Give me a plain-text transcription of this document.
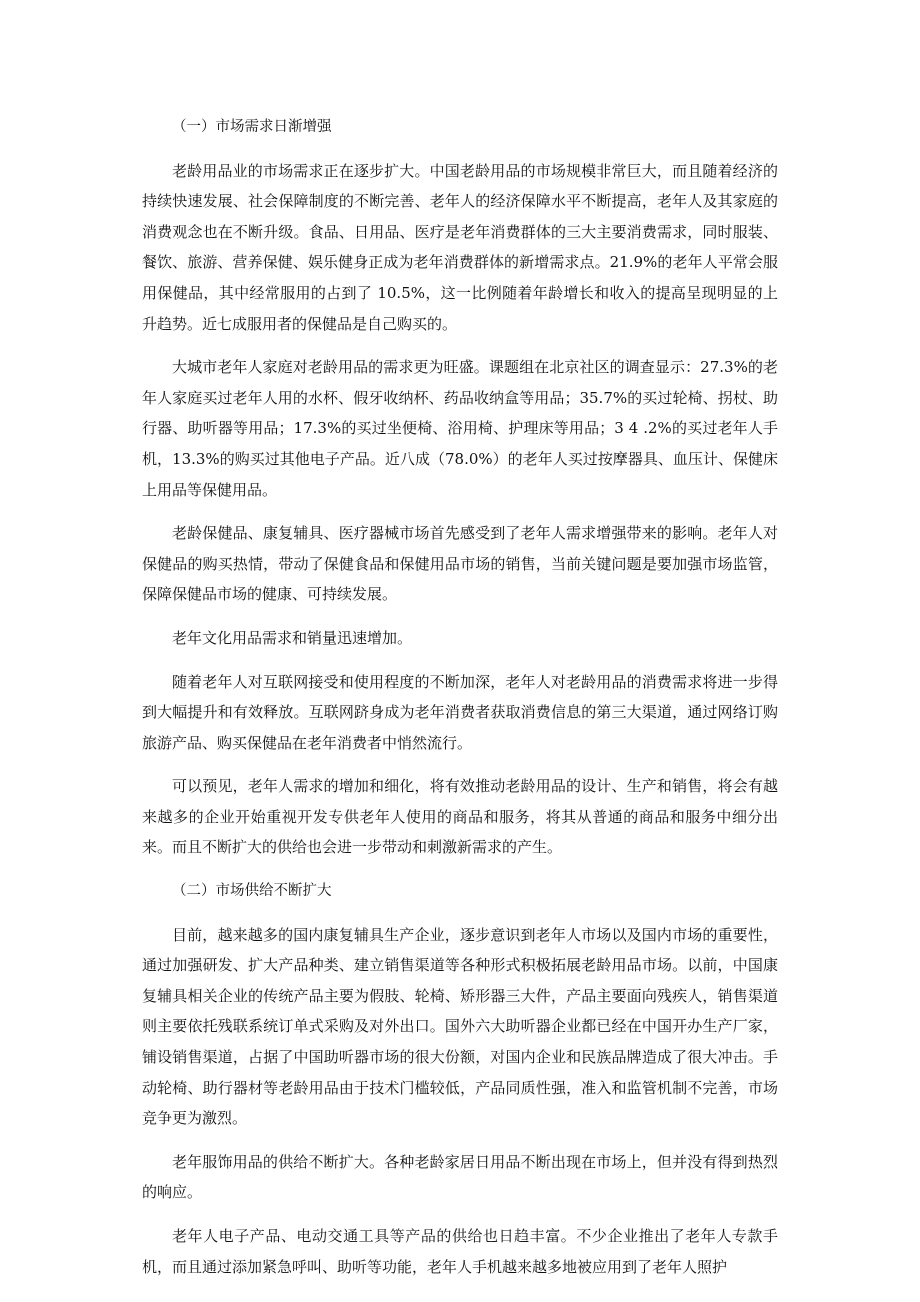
（一）市场需求日渐增强

老龄用品业的市场需求正在逐步扩大。中国老龄用品的市场规模非常巨大，而且随着经济的持续快速发展、社会保障制度的不断完善、老年人的经济保障水平不断提高，老年人及其家庭的消费观念也在不断升级。食品、日用品、医疗是老年消费群体的三大主要消费需求，同时服装、餐饮、旅游、营养保健、娱乐健身正成为老年消费群体的新增需求点。21.9%的老年人平常会服用保健品，其中经常服用的占到了 10.5%，这一比例随着年龄增长和收入的提高呈现明显的上升趋势。近七成服用者的保健品是自己购买的。

大城市老年人家庭对老龄用品的需求更为旺盛。课题组在北京社区的调查显示：27.3%的老年人家庭买过老年人用的水杯、假牙收纳杯、药品收纳盒等用品；35.7%的买过轮椅、拐杖、助行器、助听器等用品；17.3%的买过坐便椅、浴用椅、护理床等用品；3 4 .2%的买过老年人手机，13.3%的购买过其他电子产品。近八成（78.0%）的老年人买过按摩器具、血压计、保健床上用品等保健用品。

老龄保健品、康复辅具、医疗器械市场首先感受到了老年人需求增强带来的影响。老年人对保健品的购买热情，带动了保健食品和保健用品市场的销售，当前关键问题是要加强市场监管，保障保健品市场的健康、可持续发展。

老年文化用品需求和销量迅速增加。

随着老年人对互联网接受和使用程度的不断加深，老年人对老龄用品的消费需求将进一步得到大幅提升和有效释放。互联网跻身成为老年消费者获取消费信息的第三大渠道，通过网络订购旅游产品、购买保健品在老年消费者中悄然流行。

可以预见，老年人需求的增加和细化，将有效推动老龄用品的设计、生产和销售，将会有越来越多的企业开始重视开发专供老年人使用的商品和服务，将其从普通的商品和服务中细分出来。而且不断扩大的供给也会进一步带动和刺激新需求的产生。

（二）市场供给不断扩大

目前，越来越多的国内康复辅具生产企业，逐步意识到老年人市场以及国内市场的重要性，通过加强研发、扩大产品种类、建立销售渠道等各种形式积极拓展老龄用品市场。以前，中国康复辅具相关企业的传统产品主要为假肢、轮椅、矫形器三大件，产品主要面向残疾人，销售渠道则主要依托残联系统订单式采购及对外出口。国外六大助听器企业都已经在中国开办生产厂家，铺设销售渠道，占据了中国助听器市场的很大份额，对国内企业和民族品牌造成了很大冲击。手动轮椅、助行器材等老龄用品由于技术门槛较低，产品同质性强，准入和监管机制不完善，市场竞争更为激烈。

老年服饰用品的供给不断扩大。各种老龄家居日用品不断出现在市场上，但并没有得到热烈的响应。

老年人电子产品、电动交通工具等产品的供给也日趋丰富。不少企业推出了老年人专款手机，而且通过添加紧急呼叫、助听等功能，老年人手机越来越多地被应用到了老年人照护
